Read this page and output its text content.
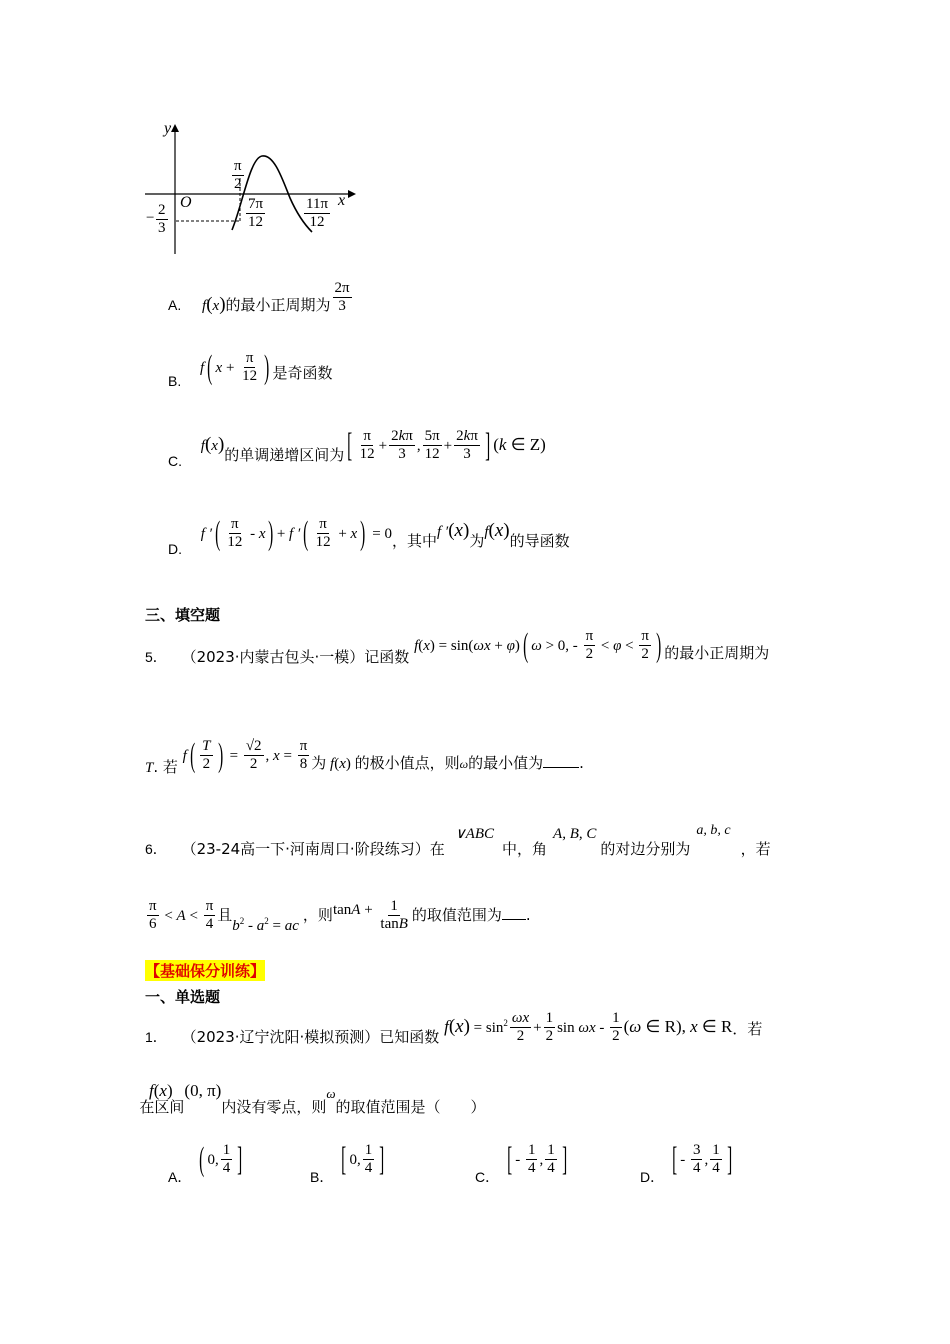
y
x
O
$\frac{\pi}{2}$
− $\frac{2}{3}$	$\frac{7\pi}{12}$	$\frac{11\pi}{12}$
A. f(x)的最小正周期为 $\frac{2\pi}{3}$
B. f( $x + \frac{\pi}{12}$ ) 是奇函数
C. f(x)的单调递增区间为[ $\frac{\pi}{12} + \frac{2k\pi}{3}$ , $\frac{5\pi}{12} + \frac{2k\pi}{3}$ ] (k ∈ Z)
D. f ′( $\frac{\pi}{12} - x) + f$ ′( $\frac{\pi}{12} + x) = 0$，其中f ′(x)为f(x)的导函数
三、填空题
5． （2023·内蒙古包头·一模）记函数 f(x) = sin(ωx + φ)( ω > 0, - $\frac{\pi}{2} < \varphi < \frac{\pi}{2}$ ) 的最小正周期为
T. 若 $f( \frac{T}{2}$ ) = $\frac{√2}{2}$ , $x = \frac{\pi}{8}$ 为 f(x) 的极小值点，则$_\omega$的最小值为 .
6． （23-24高一下·河南周口·阶段练习）在∨ABC中，角A, B, C的对边分别为a, b, c，若
$\frac{\pi}{6} < A < \frac{\pi}{4}$ 且$b^2 - a^2$ = ac，则$\tan A + \frac{1}{\tan B}$ 的取值范围为 .
【基础保分训练】
一、单选题
1． （2023·辽宁沈阳·模拟预测）已知函数 $f(x) = \sin^2 \frac{\omega x}{2} + \frac{1}{2}$ sin ωx - $\frac{1}{2} (\omega$ ∈ R), x ∈ R．若
f(x) 在区间(0, π)内没有零点，则ω的取值范围是（　　）
A． ( 0, $\frac{1}{4}$ ]	B． [ 0, $\frac{1}{4}$ ]	C． [ - $\frac{1}{4}$ , $\frac{1}{4}$ ]	D． [ - $\frac{3}{4}$ , $\frac{1}{4}$ ]
